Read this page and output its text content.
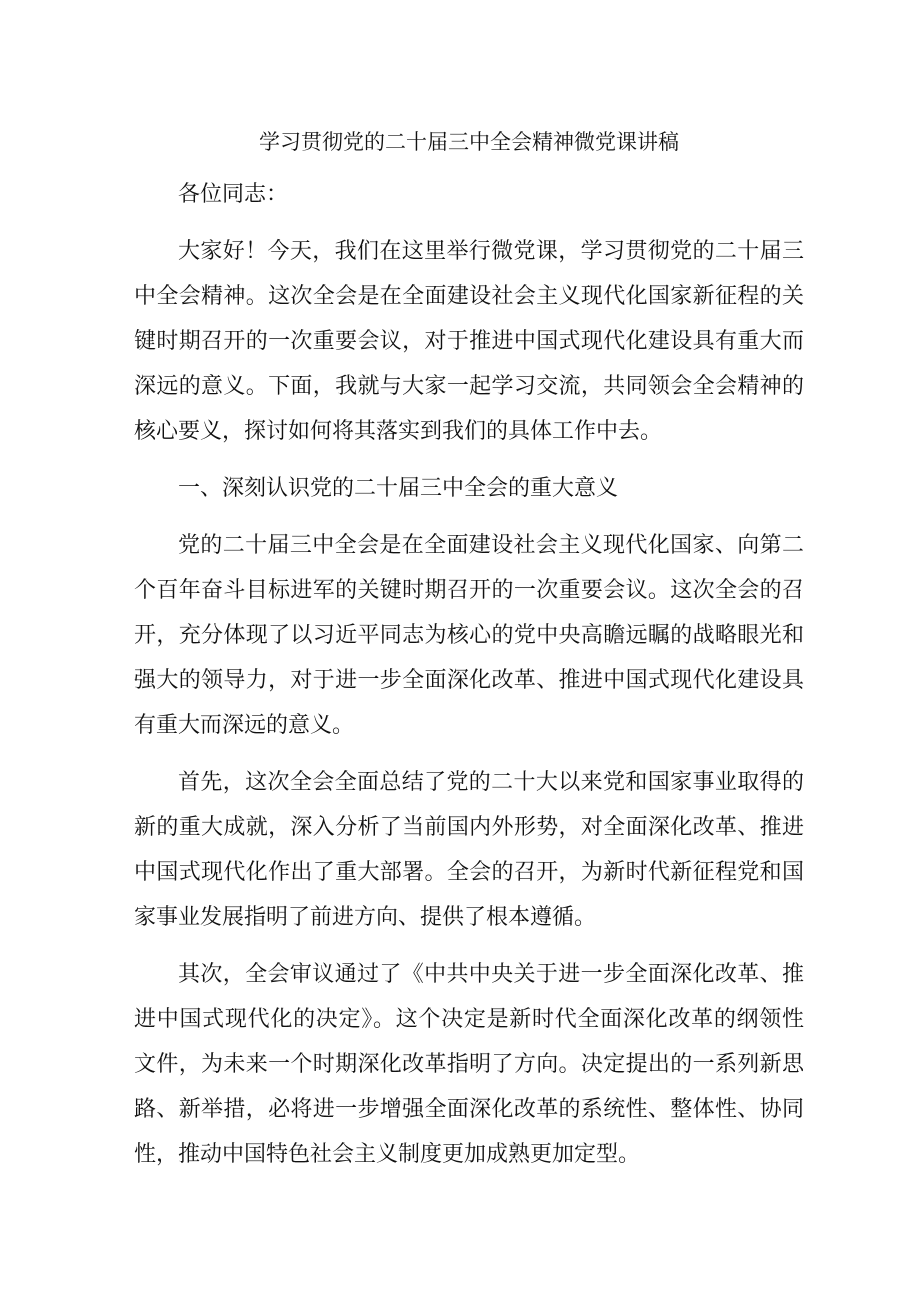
学习贯彻党的二十届三中全会精神微党课讲稿

各位同志：

大家好！今天，我们在这里举行微党课，学习贯彻党的二十届三中全会精神。这次全会是在全面建设社会主义现代化国家新征程的关键时期召开的一次重要会议，对于推进中国式现代化建设具有重大而深远的意义。下面，我就与大家一起学习交流，共同领会全会精神的核心要义，探讨如何将其落实到我们的具体工作中去。

一、深刻认识党的二十届三中全会的重大意义

党的二十届三中全会是在全面建设社会主义现代化国家、向第二个百年奋斗目标进军的关键时期召开的一次重要会议。这次全会的召开，充分体现了以习近平同志为核心的党中央高瞻远瞩的战略眼光和强大的领导力，对于进一步全面深化改革、推进中国式现代化建设具有重大而深远的意义。

首先，这次全会全面总结了党的二十大以来党和国家事业取得的新的重大成就，深入分析了当前国内外形势，对全面深化改革、推进中国式现代化作出了重大部署。全会的召开，为新时代新征程党和国家事业发展指明了前进方向、提供了根本遵循。

其次，全会审议通过了《中共中央关于进一步全面深化改革、推进中国式现代化的决定》。这个决定是新时代全面深化改革的纲领性文件，为未来一个时期深化改革指明了方向。决定提出的一系列新思路、新举措，必将进一步增强全面深化改革的系统性、整体性、协同性，推动中国特色社会主义制度更加成熟更加定型。
